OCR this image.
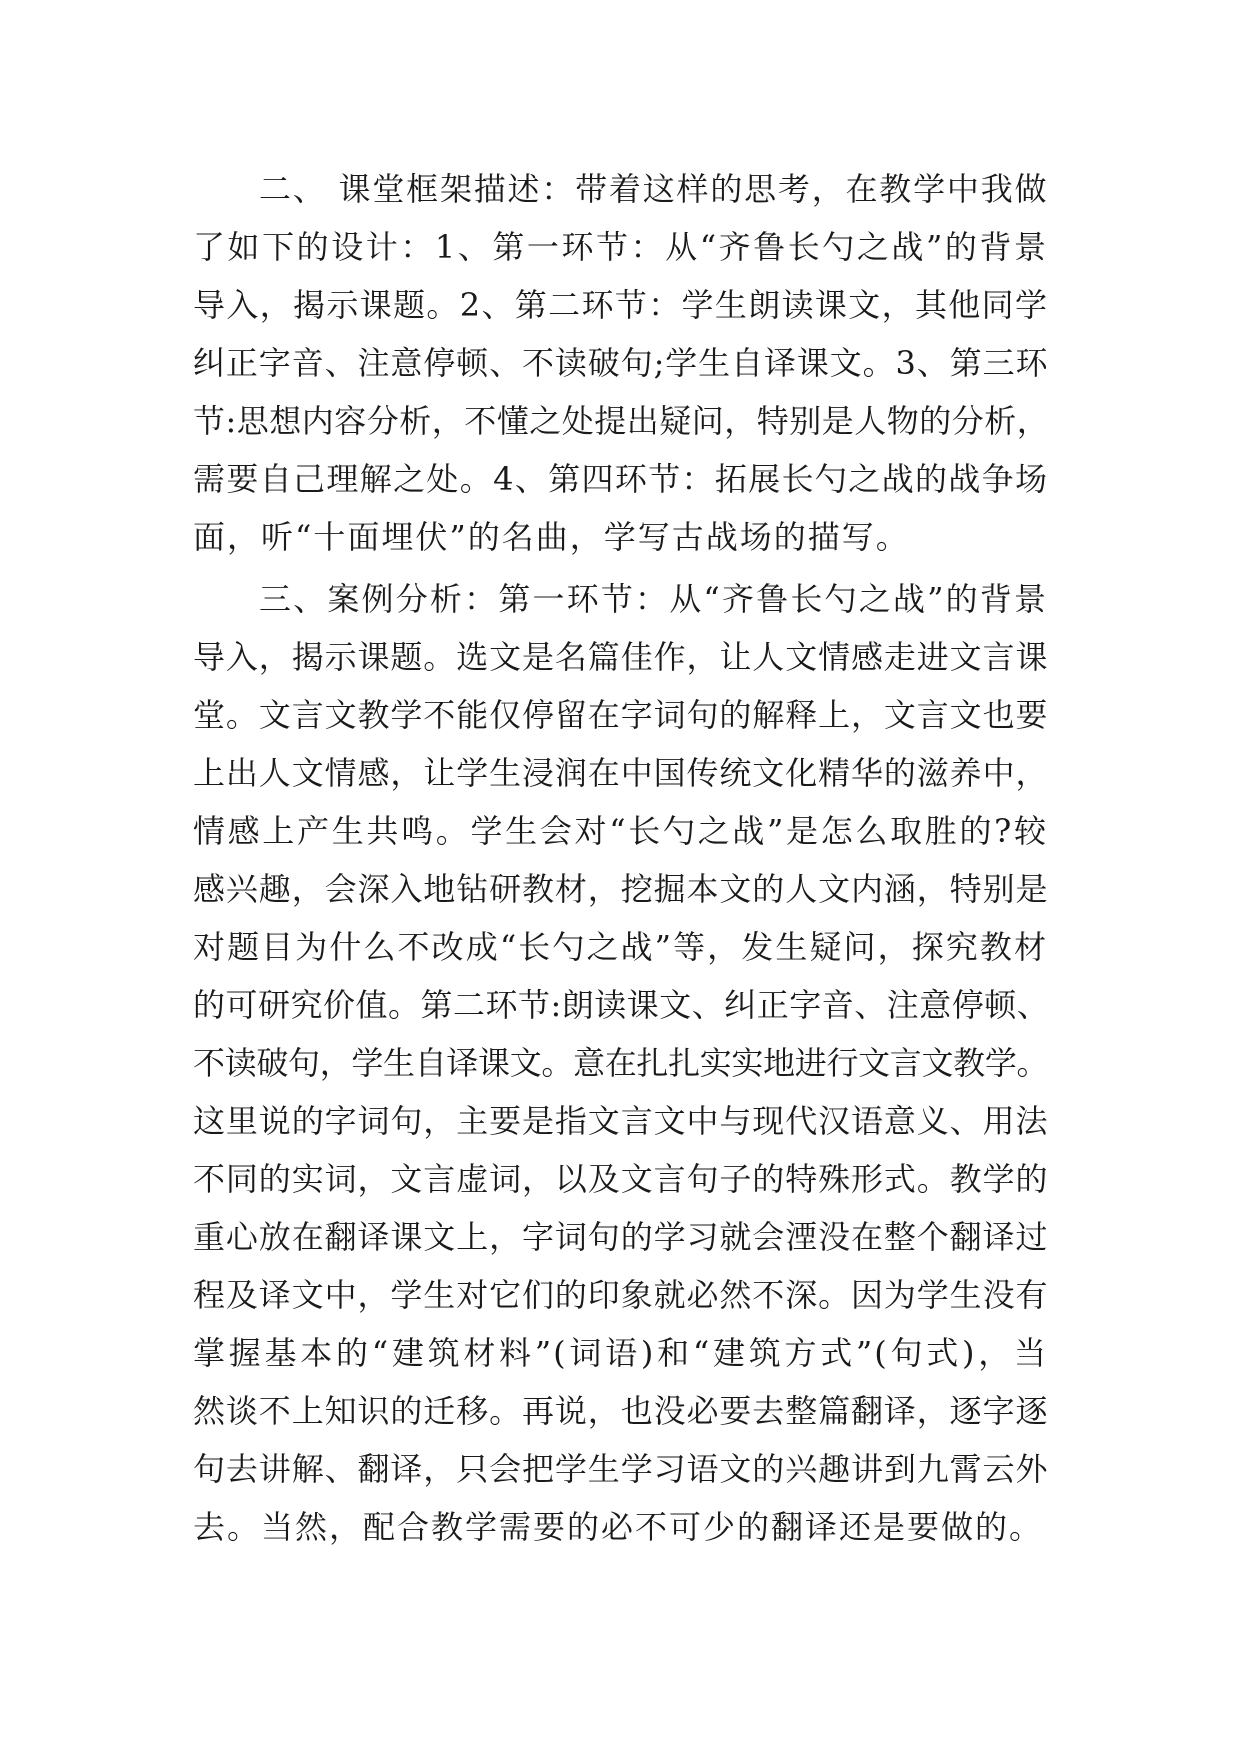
二、 课堂框架描述：带着这样的思考，在教学中我做
了如下的设计：1、第一环节：从“齐鲁长勺之战”的背景
导入，揭示课题。2、第二环节：学生朗读课文，其他同学
纠正字音、注意停顿、不读破句;学生自译课文。3、第三环
节:思想内容分析，不懂之处提出疑问，特别是人物的分析，
需要自己理解之处。4、第四环节：拓展长勺之战的战争场
面，听“十面埋伏”的名曲，学写古战场的描写。
三、案例分析：第一环节：从“齐鲁长勺之战”的背景
导入，揭示课题。选文是名篇佳作，让人文情感走进文言课
堂。文言文教学不能仅停留在字词句的解释上，文言文也要
上出人文情感，让学生浸润在中国传统文化精华的滋养中，
情感上产生共鸣。学生会对“长勺之战”是怎么取胜的?较
感兴趣，会深入地钻研教材，挖掘本文的人文内涵，特别是
对题目为什么不改成“长勺之战”等，发生疑问，探究教材
的可研究价值。第二环节:朗读课文、纠正字音、注意停顿、
不读破句，学生自译课文。意在扎扎实实地进行文言文教学。
这里说的字词句，主要是指文言文中与现代汉语意义、用法
不同的实词，文言虚词，以及文言句子的特殊形式。教学的
重心放在翻译课文上，字词句的学习就会湮没在整个翻译过
程及译文中，学生对它们的印象就必然不深。因为学生没有
掌握基本的“建筑材料”(词语)和“建筑方式”(句式)，当
然谈不上知识的迁移。再说，也没必要去整篇翻译，逐字逐
句去讲解、翻译，只会把学生学习语文的兴趣讲到九霄云外
去。当然，配合教学需要的必不可少的翻译还是要做的。
